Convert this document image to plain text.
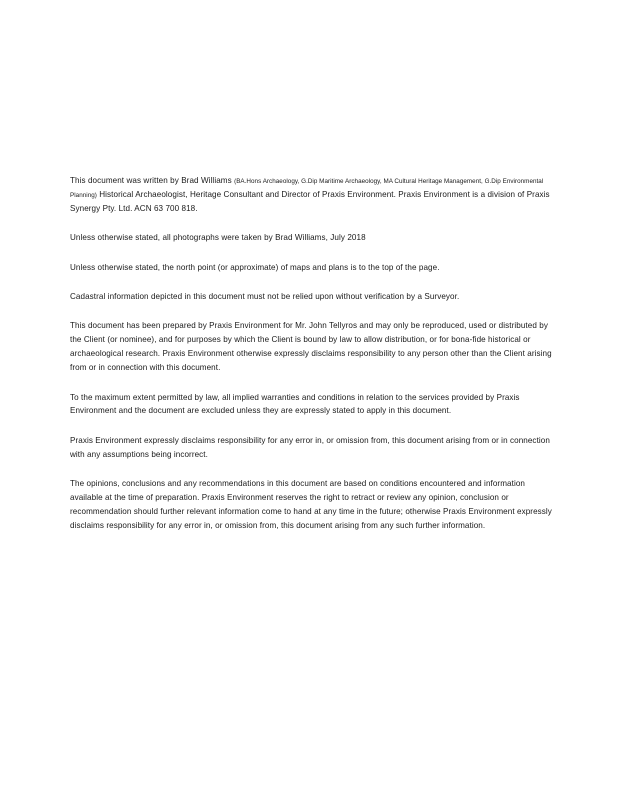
This document was written by Brad Williams (BA.Hons Archaeology, G.Dip Maritime Archaeology, MA Cultural Heritage Management, G.Dip Environmental Planning) Historical Archaeologist, Heritage Consultant and Director of Praxis Environment. Praxis Environment is a division of Praxis Synergy Pty. Ltd. ACN 63 700 818.

Unless otherwise stated, all photographs were taken by Brad Williams, July 2018

Unless otherwise stated, the north point (or approximate) of maps and plans is to the top of the page.

Cadastral information depicted in this document must not be relied upon without verification by a Surveyor.

This document has been prepared by Praxis Environment for Mr. John Tellyros and may only be reproduced, used or distributed by the Client (or nominee), and for purposes by which the Client is bound by law to allow distribution, or for bona-fide historical or archaeological research. Praxis Environment otherwise expressly disclaims responsibility to any person other than the Client arising from or in connection with this document.

To the maximum extent permitted by law, all implied warranties and conditions in relation to the services provided by Praxis Environment and the document are excluded unless they are expressly stated to apply in this document.

Praxis Environment expressly disclaims responsibility for any error in, or omission from, this document arising from or in connection with any assumptions being incorrect.

The opinions, conclusions and any recommendations in this document are based on conditions encountered and information available at the time of preparation. Praxis Environment reserves the right to retract or review any opinion, conclusion or recommendation should further relevant information come to hand at any time in the future; otherwise Praxis Environment expressly disclaims responsibility for any error in, or omission from, this document arising from any such further information.
